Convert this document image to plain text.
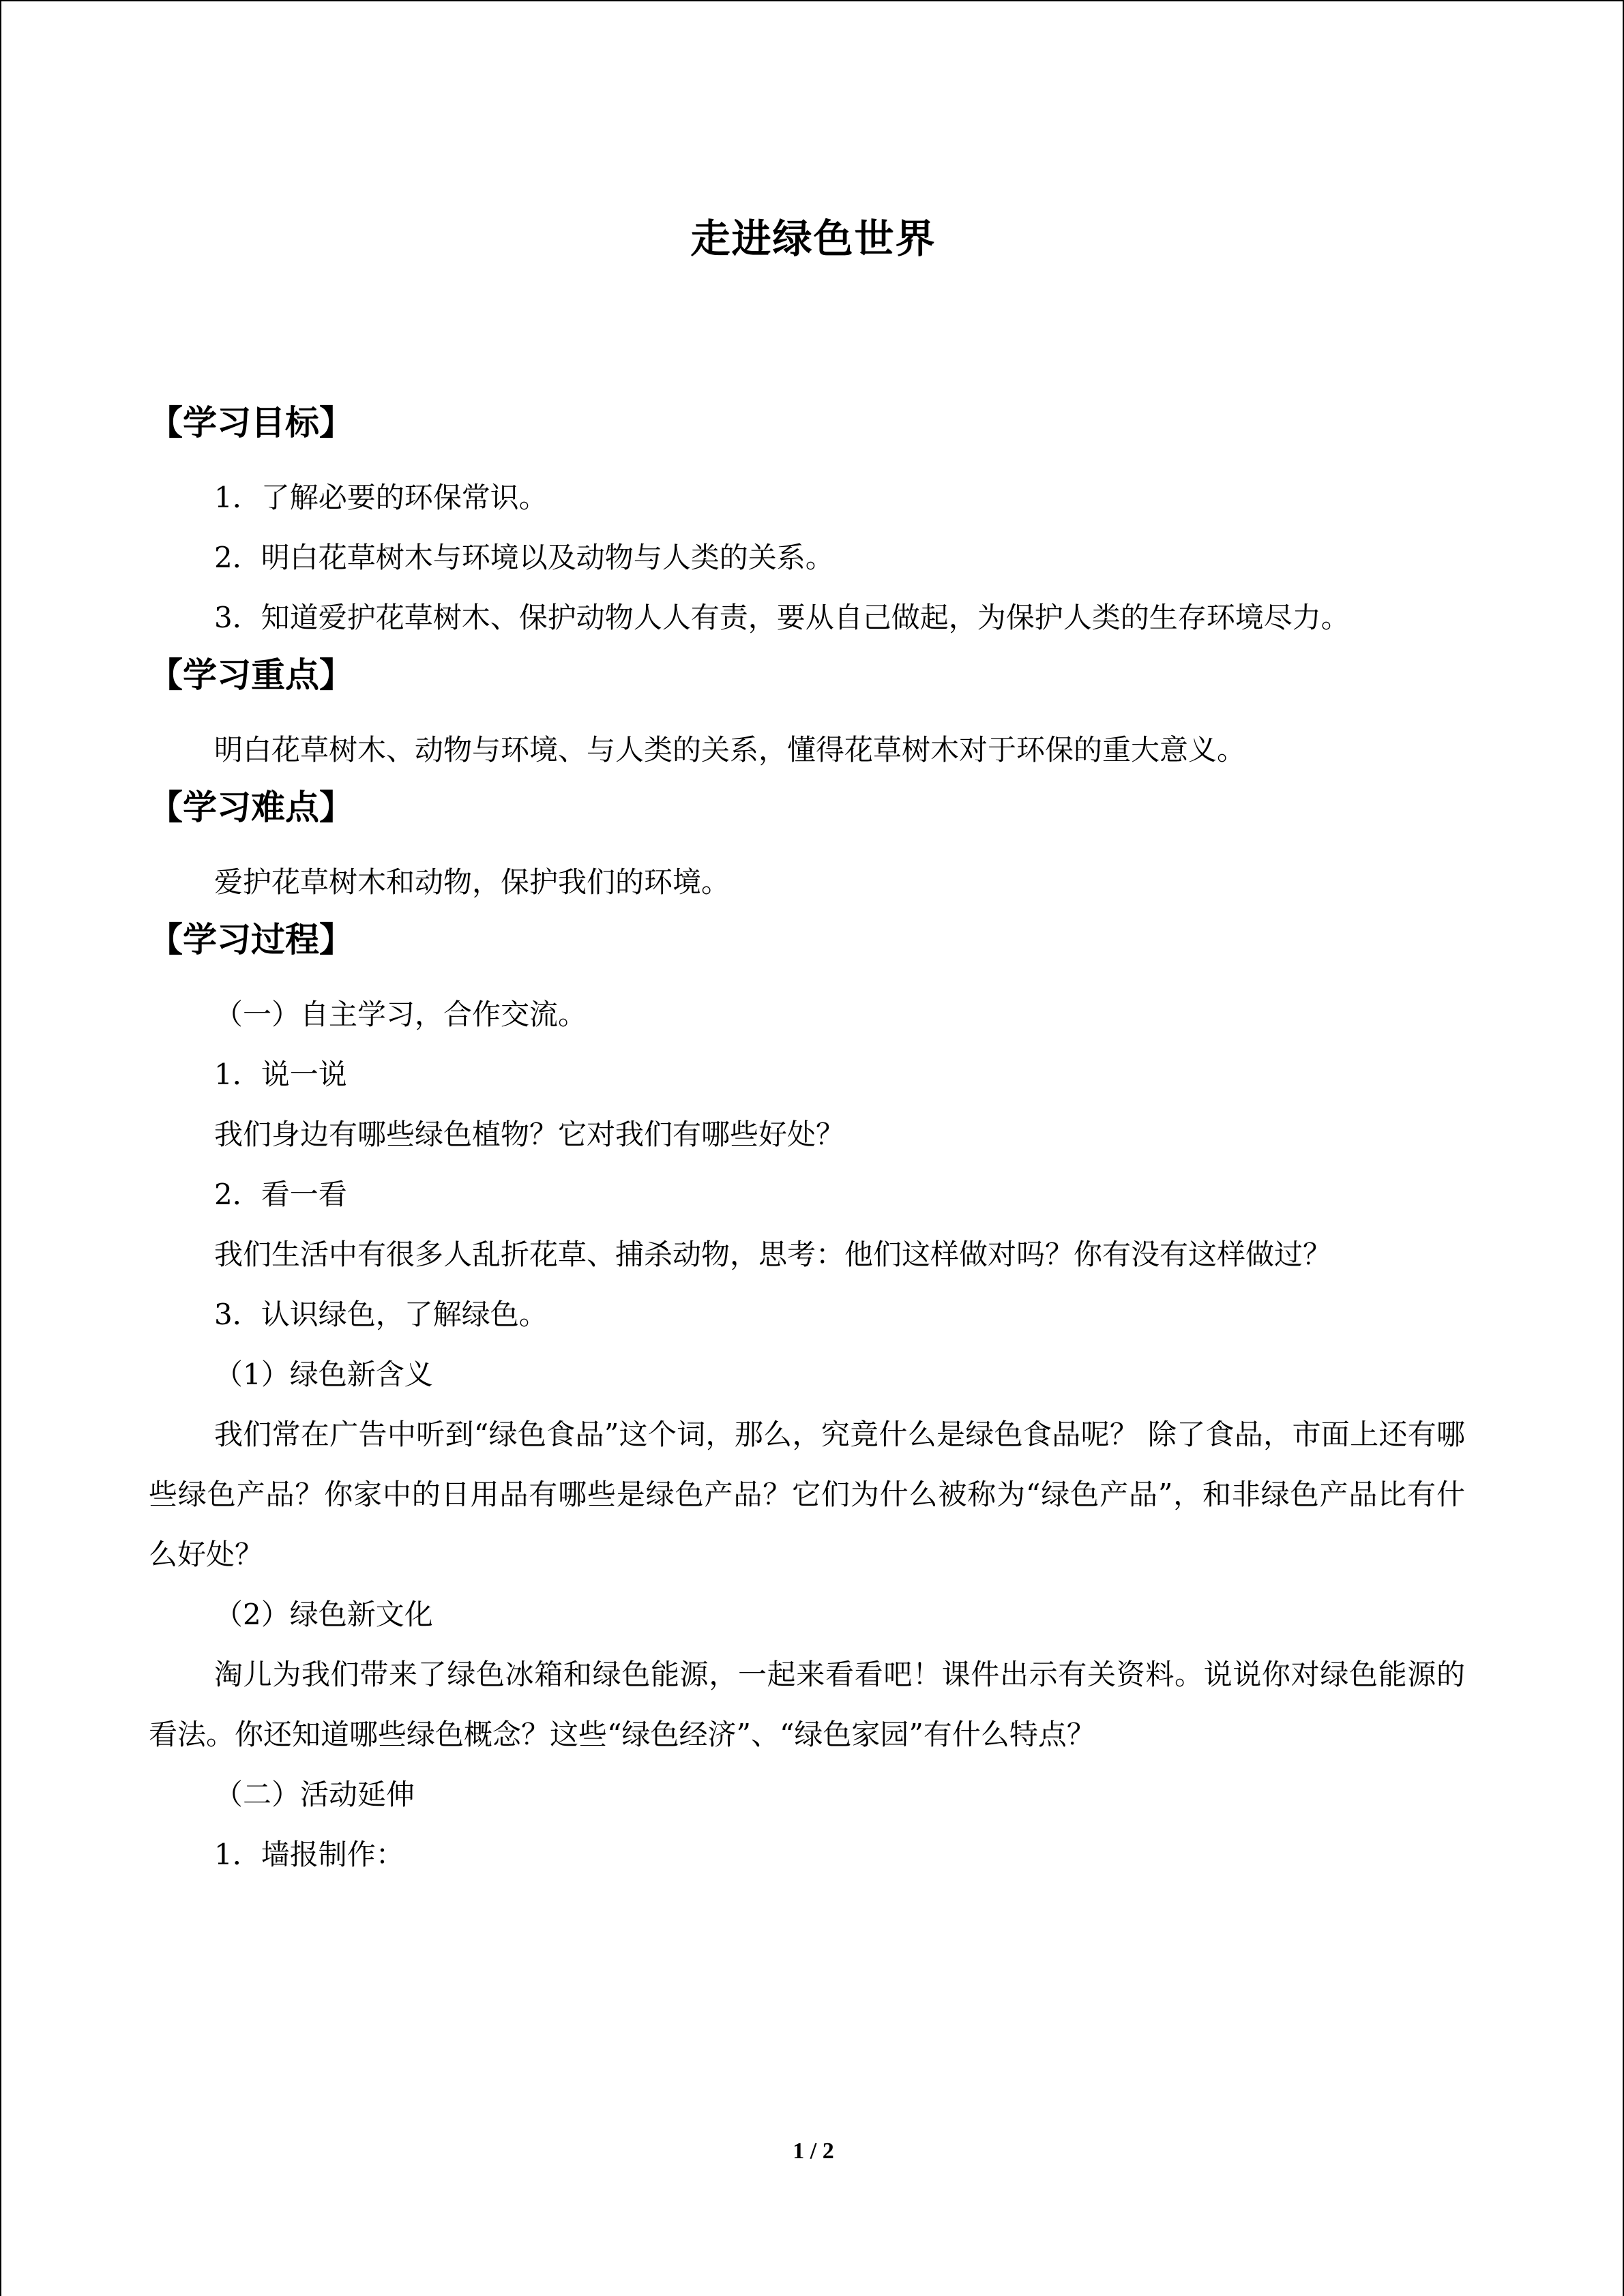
走进绿色世界

【学习目标】

1．了解必要的环保常识。

2．明白花草树木与环境以及动物与人类的关系。

3．知道爱护花草树木、保护动物人人有责，要从自己做起，为保护人类的生存环境尽力。

【学习重点】

明白花草树木、动物与环境、与人类的关系，懂得花草树木对于环保的重大意义。

【学习难点】

爱护花草树木和动物，保护我们的环境。

【学习过程】

（一）自主学习，合作交流。

1．说一说

我们身边有哪些绿色植物？它对我们有哪些好处？

2．看一看

我们生活中有很多人乱折花草、捕杀动物，思考：他们这样做对吗？你有没有这样做过？

3．认识绿色，了解绿色。

（1）绿色新含义

我们常在广告中听到“绿色食品”这个词，那么，究竟什么是绿色食品呢？ 除了食品，市面上还有哪些绿色产品？你家中的日用品有哪些是绿色产品？它们为什么被称为“绿色产品”，和非绿色产品比有什么好处？

（2）绿色新文化

淘儿为我们带来了绿色冰箱和绿色能源，一起来看看吧！课件出示有关资料。说说你对绿色能源的看法。你还知道哪些绿色概念？这些“绿色经济”、“绿色家园”有什么特点？

（二）活动延伸

1．墙报制作：

1 / 2
